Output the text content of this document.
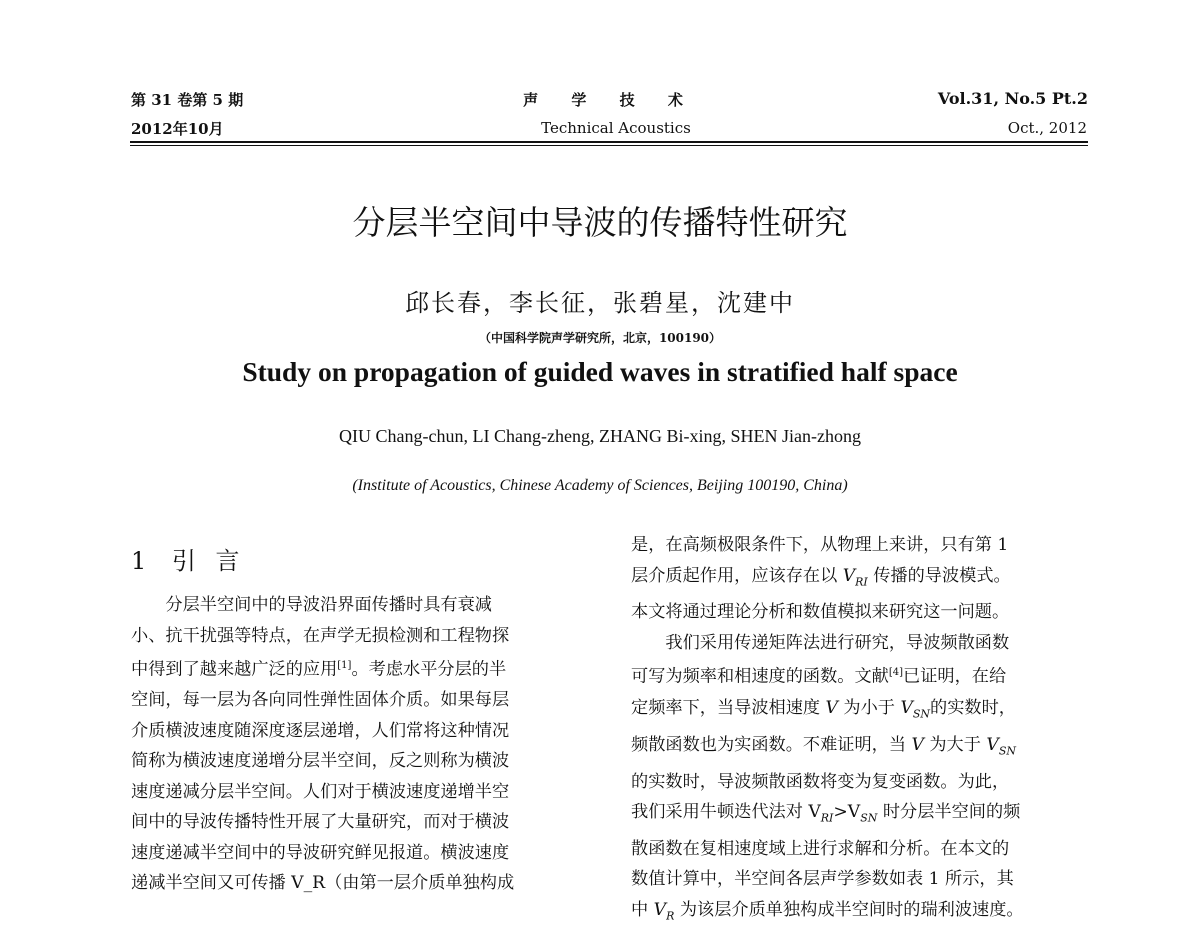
第 31 卷第 5 期
2012年10月
声 学 技 术
Technical Acoustics
Vol.31, No.5 Pt.2
Oct., 2012
分层半空间中导波的传播特性研究
邱长春，李长征，张碧星，沈建中
（中国科学院声学研究所，北京，100190）
Study on propagation of guided waves in stratified half space
QIU Chang-chun, LI Chang-zheng, ZHANG Bi-xing, SHEN Jian-zhong
(Institute of Acoustics, Chinese Academy of Sciences, Beijing 100190, China)
1 引 言

分层半空间中的导波沿界面传播时具有衰减

小、抗干扰强等特点，在声学无损检测和工程物探

中得到了越来越广泛的应用[1]。考虑水平分层的半

空间，每一层为各向同性弹性固体介质。如果每层

介质横波速度随深度逐层递增，人们常将这种情况

简称为横波速度递增分层半空间，反之则称为横波

速度递减分层半空间。人们对于横波速度递增半空

间中的导波传播特性开展了大量研究，而对于横波

速度递减半空间中的导波研究鲜见报道。横波速度

递减半空间又可传播 V_R（由第一层介质单独构成

是，在高频极限条件下，从物理上来讲，只有第 1

层介质起作用，应该存在以 $V_{RI}$ 传播的导波模式。

本文将通过理论分析和数值模拟来研究这一问题。

我们采用传递矩阵法进行研究，导波频散函数

可写为频率和相速度的函数。文献[4]已证明，在给

定频率下，当导波相速度 V 为小于 $V_{SN}$的实数时，

频散函数也为实函数。不难证明，当 V 为大于 $V_{SN}$

的实数时，导波频散函数将变为复变函数。为此，

我们采用牛顿迭代法对 $V_{RI}>V_{SN}$ 时分层半空间的频

散函数在复相速度域上进行求解和分析。在本文的

数值计算中，半空间各层声学参数如表 1 所示，其

中 $V_R$ 为该层介质单独构成半空间时的瑞利波速度。
